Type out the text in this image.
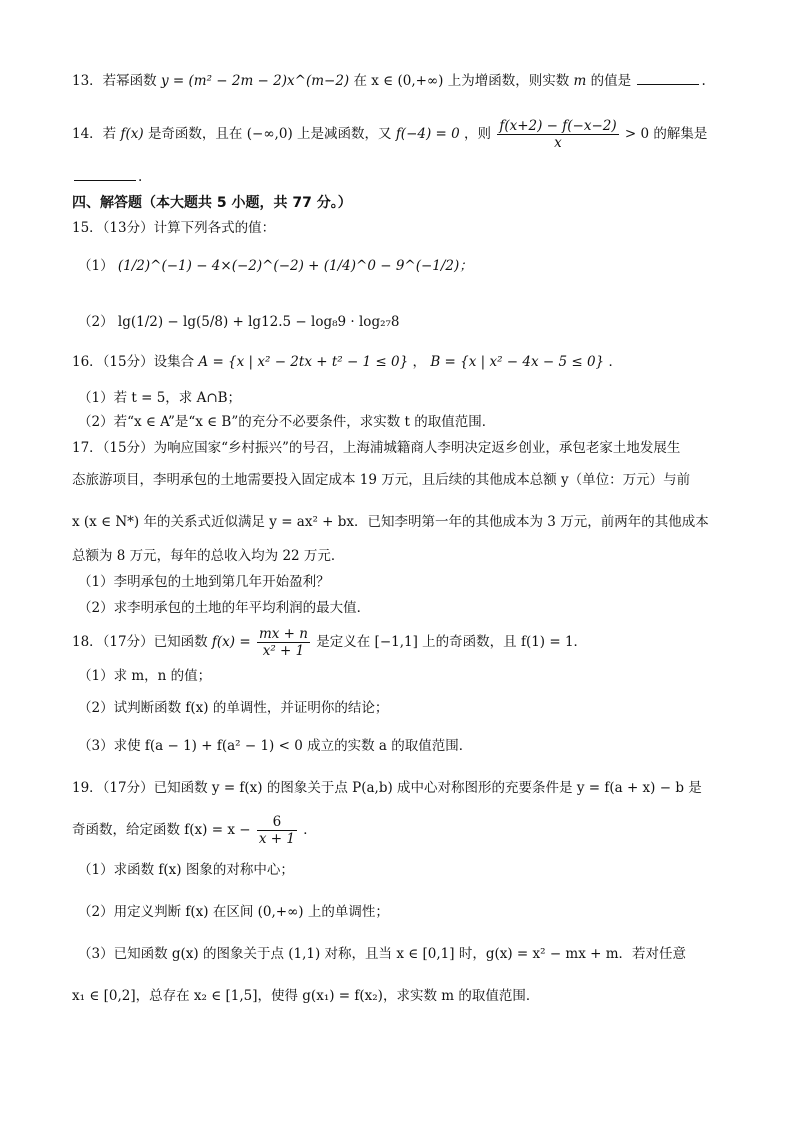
13．若幂函数 y = (m² − 2m − 2)x^(m−2) 在 x ∈ (0,+∞) 上为增函数，则实数 m 的值是	.
14．若 f(x) 是奇函数，且在 (−∞,0) 上是减函数，又 f(−4) = 0 ，则 $\frac{f(x+2) - f(-x-2)}{x} > 0$ 的解集是
.
四、解答题（本大题共 5 小题，共 77 分。）
15．（13分）计算下列各式的值：
（1） (1/2)^(−1) − 4×(−2)^(−2) + (1/4)^0 − 9^(−1/2)；
（2） lg(1/2) − lg(5/8) + lg12.5 − log₈9 · log₂₇8
16．（15分）设集合 A = {x | x² − 2tx + t² − 1 ≤ 0} ， B = {x | x² − 4x − 5 ≤ 0} ．
（1）若 t = 5，求 A∩B；
（2）若“x ∈ A”是“x ∈ B”的充分不必要条件，求实数 t 的取值范围．
17．（15分）为响应国家“乡村振兴”的号召，上海浦城籍商人李明决定返乡创业，承包老家土地发展生
态旅游项目，李明承包的土地需要投入固定成本 19 万元，且后续的其他成本总额 y（单位：万元）与前
x (x ∈ N*) 年的关系式近似满足 y = ax² + bx．已知李明第一年的其他成本为 3 万元，前两年的其他成本
总额为 8 万元，每年的总收入均为 22 万元．
（1）李明承包的土地到第几年开始盈利？
（2）求李明承包的土地的年平均利润的最大值．
18．（17分）已知函数 $f(x) = \frac{mx + n}{\text{x² + 1}}$ 是定义在 [−1,1] 上的奇函数，且 f(1) = 1．
（1）求 m，n 的值；
（2）试判断函数 f(x) 的单调性，并证明你的结论；
（3）求使 f(a − 1) + f(a² − 1) < 0 成立的实数 a 的取值范围．
19．（17分）已知函数 y = f(x) 的图象关于点 P(a,b) 成中心对称图形的充要条件是 y = f(a + x) − b 是
奇函数，给定函数 $f(x) = x - \frac{6}{x + 1}$ ．
（1）求函数 f(x) 图象的对称中心；
（2）用定义判断 f(x) 在区间 (0,+∞) 上的单调性；
（3）已知函数 g(x) 的图象关于点 (1,1) 对称，且当 x ∈ [0,1] 时，g(x) = x² − mx + m．若对任意
x₁ ∈ [0,2]，总存在 x₂ ∈ [1,5]，使得 g(x₁) = f(x₂)，求实数 m 的取值范围．
